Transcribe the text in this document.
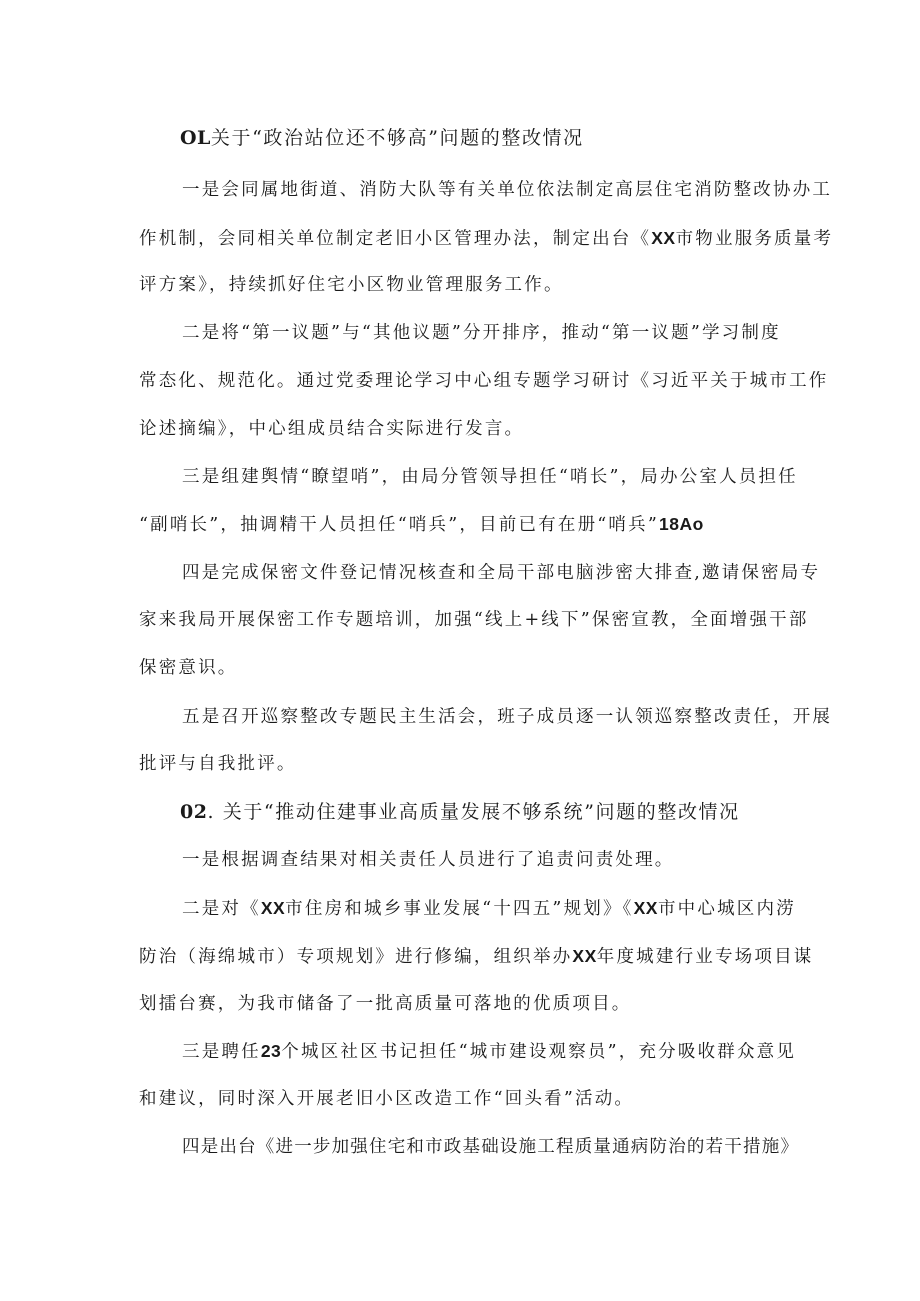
OL关于“政治站位还不够高”问题的整改情况
一是会同属地街道、消防大队等有关单位依法制定高层住宅消防整改协办工
作机制，会同相关单位制定老旧小区管理办法，制定出台《XX市物业服务质量考
评方案》，持续抓好住宅小区物业管理服务工作。
二是将“第一议题”与“其他议题”分开排序，推动“第一议题”学习制度
常态化、规范化。通过党委理论学习中心组专题学习研讨《习近平关于城市工作
论述摘编》，中心组成员结合实际进行发言。
三是组建舆情“瞭望哨”，由局分管领导担任“哨长”，局办公室人员担任
“副哨长”，抽调精干人员担任“哨兵”，目前已有在册“哨兵”18Ao
四是完成保密文件登记情况核查和全局干部电脑涉密大排查,邀请保密局专
家来我局开展保密工作专题培训，加强“线上+线下”保密宣教，全面增强干部
保密意识。
五是召开巡察整改专题民主生活会，班子成员逐一认领巡察整改责任，开展
批评与自我批评。
02. 关于“推动住建事业高质量发展不够系统”问题的整改情况
一是根据调查结果对相关责任人员进行了追责问责处理。
二是对《XX市住房和城乡事业发展“十四五”规划》《XX市中心城区内涝
防治（海绵城市）专项规划》进行修编，组织举办XX年度城建行业专场项目谋
划擂台赛，为我市储备了一批高质量可落地的优质项目。
三是聘任23个城区社区书记担任“城市建设观察员”，充分吸收群众意见
和建议，同时深入开展老旧小区改造工作“回头看”活动。
四是出台《进一步加强住宅和市政基础设施工程质量通病防治的若干措施》
